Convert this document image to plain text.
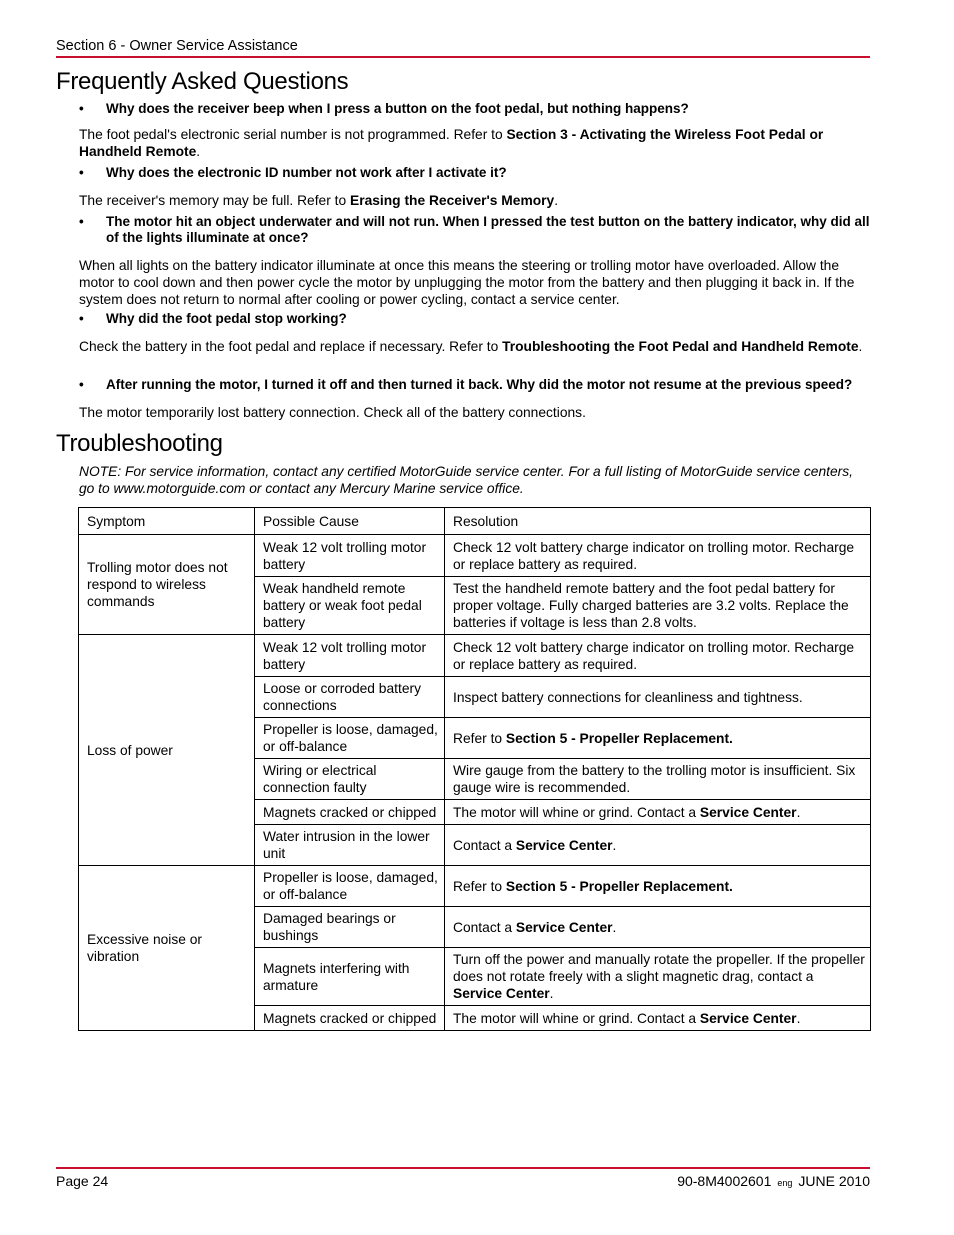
Section 6 - Owner Service Assistance
Frequently Asked Questions
• Why does the receiver beep when I press a button on the foot pedal, but nothing happens?
The foot pedal's electronic serial number is not programmed. Refer to Section 3 - Activating the Wireless Foot Pedal or Handheld Remote.
• Why does the electronic ID number not work after I activate it?
The receiver's memory may be full. Refer to Erasing the Receiver's Memory.
• The motor hit an object underwater and will not run. When I pressed the test button on the battery indicator, why did all of the lights illuminate at once?
When all lights on the battery indicator illuminate at once this means the steering or trolling motor have overloaded. Allow the motor to cool down and then power cycle the motor by unplugging the motor from the battery and then plugging it back in. If the system does not return to normal after cooling or power cycling, contact a service center.
• Why did the foot pedal stop working?
Check the battery in the foot pedal and replace if necessary. Refer to Troubleshooting the Foot Pedal and Handheld Remote.
• After running the motor, I turned it off and then turned it back. Why did the motor not resume at the previous speed?
The motor temporarily lost battery connection. Check all of the battery connections.
Troubleshooting
NOTE: For service information, contact any certified MotorGuide service center. For a full listing of MotorGuide service centers, go to www.motorguide.com or contact any Mercury Marine service office.
Symptom	Possible Cause	Resolution
Trolling motor does not respond to wireless commands	Weak 12 volt trolling motor battery	Check 12 volt battery charge indicator on trolling motor. Recharge or replace battery as required.
	Weak handheld remote battery or weak foot pedal battery	Test the handheld remote battery and the foot pedal battery for proper voltage. Fully charged batteries are 3.2 volts. Replace the batteries if voltage is less than 2.8 volts.
Loss of power	Weak 12 volt trolling motor battery	Check 12 volt battery charge indicator on trolling motor. Recharge or replace battery as required.
	Loose or corroded battery connections	Inspect battery connections for cleanliness and tightness.
	Propeller is loose, damaged, or off-balance	Refer to Section 5 - Propeller Replacement.
	Wiring or electrical connection faulty	Wire gauge from the battery to the trolling motor is insufficient. Six gauge wire is recommended.
	Magnets cracked or chipped	The motor will whine or grind. Contact a Service Center.
	Water intrusion in the lower unit	Contact a Service Center.
Excessive noise or vibration	Propeller is loose, damaged, or off-balance	Refer to Section 5 - Propeller Replacement.
	Damaged bearings or bushings	Contact a Service Center.
	Magnets interfering with armature	Turn off the power and manually rotate the propeller. If the propeller does not rotate freely with a slight magnetic drag, contact a Service Center.
	Magnets cracked or chipped	The motor will whine or grind. Contact a Service Center.
Page 24	90-8M4002601 eng JUNE 2010
